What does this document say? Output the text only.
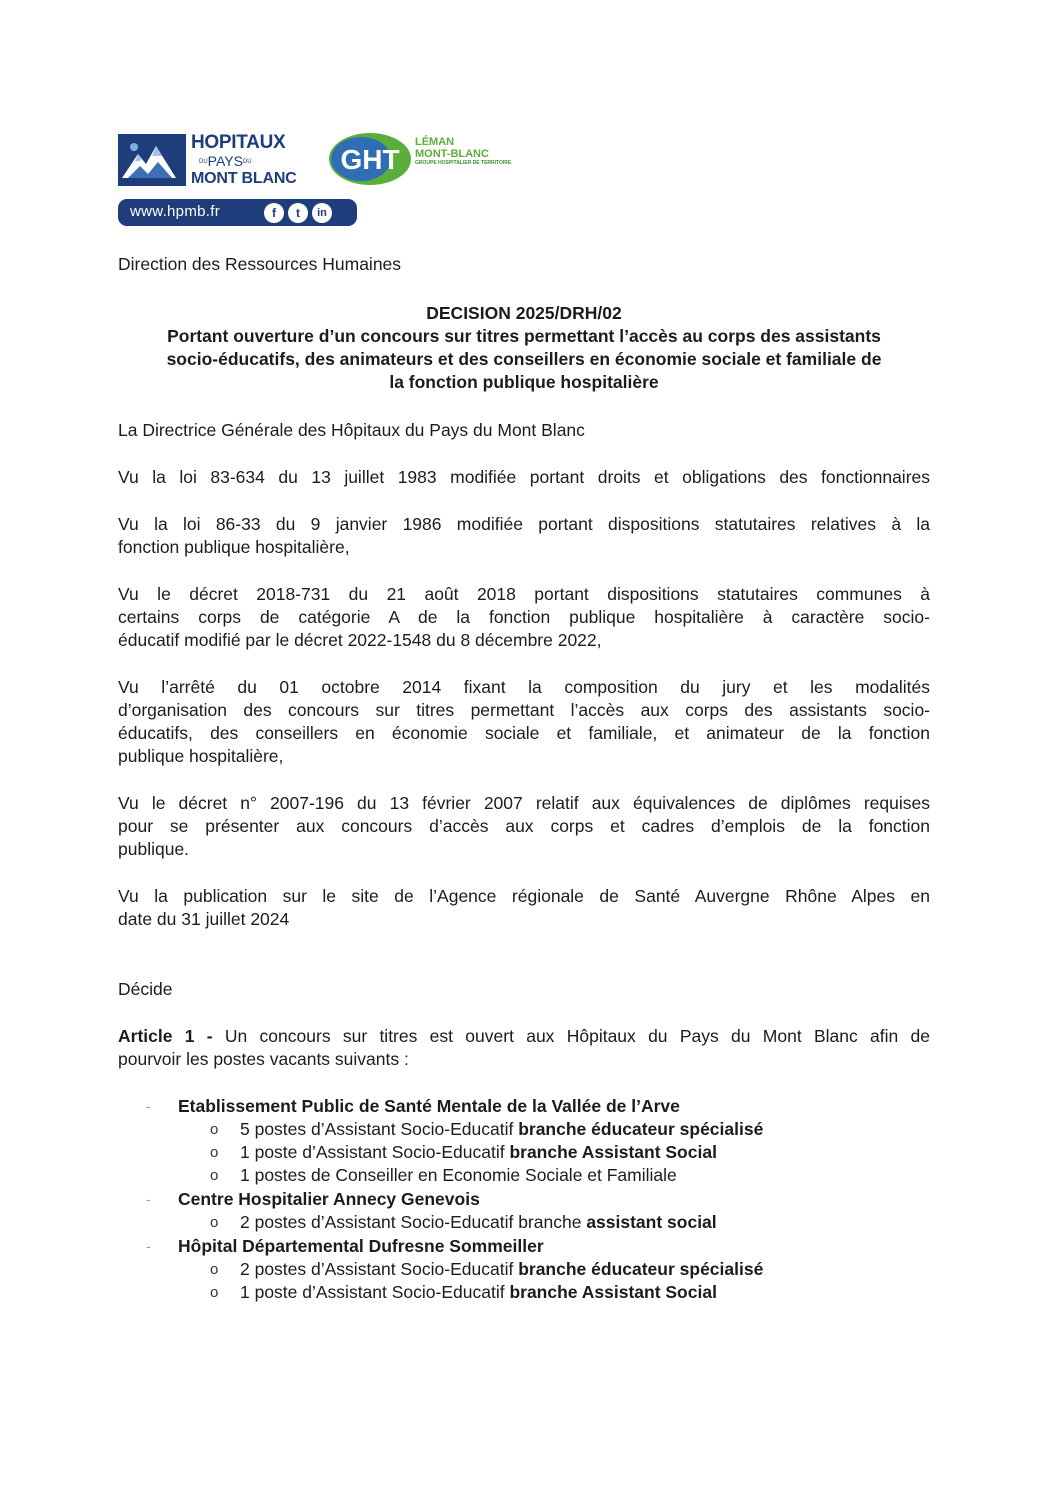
HOPITAUX
DUPAYSDU
MONT BLANC
GHT
LÉMAN
MONT-BLANC
GROUPE HOSPITALIER DE TERRITOIRE
www.hpmb.fr	f	t	in
Direction des Ressources Humaines
DECISION 2025/DRH/02
Portant ouverture d’un concours sur titres permettant l’accès au corps des assistants
socio-éducatifs, des animateurs et des conseillers en économie sociale et familiale de
la fonction publique hospitalière
La Directrice Générale des Hôpitaux du Pays du Mont Blanc
Vu la loi 83-634 du 13 juillet 1983 modifiée portant droits et obligations des fonctionnaires
Vu la loi 86-33 du 9 janvier 1986 modifiée portant dispositions statutaires relatives à la
fonction publique hospitalière,
Vu le décret 2018-731 du 21 août 2018 portant dispositions statutaires communes à
certains corps de catégorie A de la fonction publique hospitalière à caractère socio-
éducatif modifié par le décret 2022-1548 du 8 décembre 2022,
Vu l’arrêté du 01 octobre 2014 fixant la composition du jury et les modalités
d’organisation des concours sur titres permettant l’accès aux corps des assistants socio-
éducatifs, des conseillers en économie sociale et familiale, et animateur de la fonction
publique hospitalière,
Vu le décret n° 2007-196 du 13 février 2007 relatif aux équivalences de diplômes requises
pour se présenter aux concours d’accès aux corps et cadres d’emplois de la fonction
publique.
Vu la publication sur le site de l’Agence régionale de Santé Auvergne Rhône Alpes en
date du 31 juillet 2024
Décide
Article 1 - Un concours sur titres est ouvert aux Hôpitaux du Pays du Mont Blanc afin de
pourvoir les postes vacants suivants :
- Etablissement Public de Santé Mentale de la Vallée de l’Arve
o 5 postes d’Assistant Socio-Educatif branche éducateur spécialisé
o 1 poste d’Assistant Socio-Educatif branche Assistant Social
o 1 postes de Conseiller en Economie Sociale et Familiale
- Centre Hospitalier Annecy Genevois
o 2 postes d’Assistant Socio-Educatif branche assistant social
- Hôpital Départemental Dufresne Sommeiller
o 2 postes d’Assistant Socio-Educatif branche éducateur spécialisé
o 1 poste d’Assistant Socio-Educatif branche Assistant Social
